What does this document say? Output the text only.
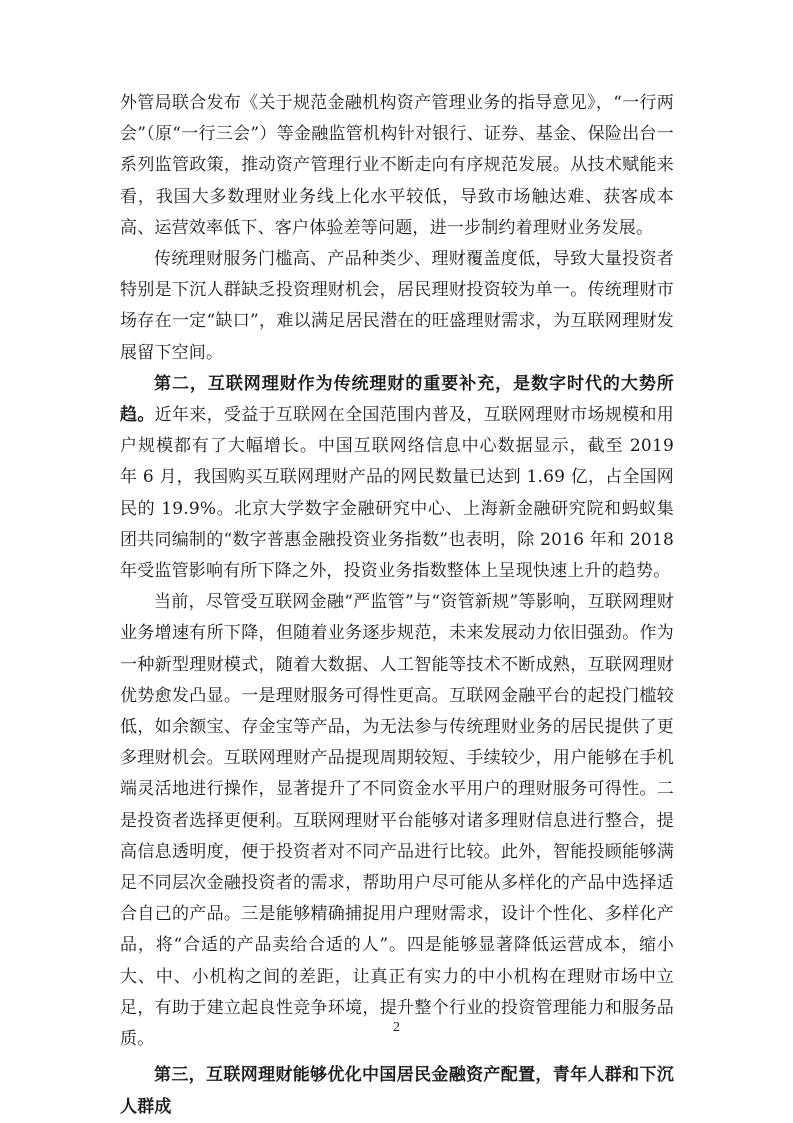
外管局联合发布《关于规范金融机构资产管理业务的指导意见》，“一行两会”（原“一行三会”）等金融监管机构针对银行、证券、基金、保险出台一系列监管政策，推动资产管理行业不断走向有序规范发展。从技术赋能来看，我国大多数理财业务线上化水平较低，导致市场触达难、获客成本高、运营效率低下、客户体验差等问题，进一步制约着理财业务发展。

传统理财服务门槛高、产品种类少、理财覆盖度低，导致大量投资者特别是下沉人群缺乏投资理财机会，居民理财投资较为单一。传统理财市场存在一定“缺口”，难以满足居民潜在的旺盛理财需求，为互联网理财发展留下空间。

第二，互联网理财作为传统理财的重要补充，是数字时代的大势所趋。近年来，受益于互联网在全国范围内普及，互联网理财市场规模和用户规模都有了大幅增长。中国互联网络信息中心数据显示，截至 2019 年 6 月，我国购买互联网理财产品的网民数量已达到 1.69 亿，占全国网民的 19.9%。北京大学数字金融研究中心、上海新金融研究院和蚂蚁集团共同编制的“数字普惠金融投资业务指数”也表明，除 2016 年和 2018 年受监管影响有所下降之外，投资业务指数整体上呈现快速上升的趋势。

当前，尽管受互联网金融“严监管”与“资管新规”等影响，互联网理财业务增速有所下降，但随着业务逐步规范，未来发展动力依旧强劲。作为一种新型理财模式，随着大数据、人工智能等技术不断成熟，互联网理财优势愈发凸显。一是理财服务可得性更高。互联网金融平台的起投门槛较低，如余额宝、存金宝等产品，为无法参与传统理财业务的居民提供了更多理财机会。互联网理财产品提现周期较短、手续较少，用户能够在手机端灵活地进行操作，显著提升了不同资金水平用户的理财服务可得性。二是投资者选择更便利。互联网理财平台能够对诸多理财信息进行整合，提高信息透明度，便于投资者对不同产品进行比较。此外，智能投顾能够满足不同层次金融投资者的需求，帮助用户尽可能从多样化的产品中选择适合自己的产品。三是能够精确捕捉用户理财需求，设计个性化、多样化产品，将“合适的产品卖给合适的人”。四是能够显著降低运营成本，缩小大、中、小机构之间的差距，让真正有实力的中小机构在理财市场中立足，有助于建立起良性竞争环境，提升整个行业的投资管理能力和服务品质。

第三，互联网理财能够优化中国居民金融资产配置，青年人群和下沉人群成

2
